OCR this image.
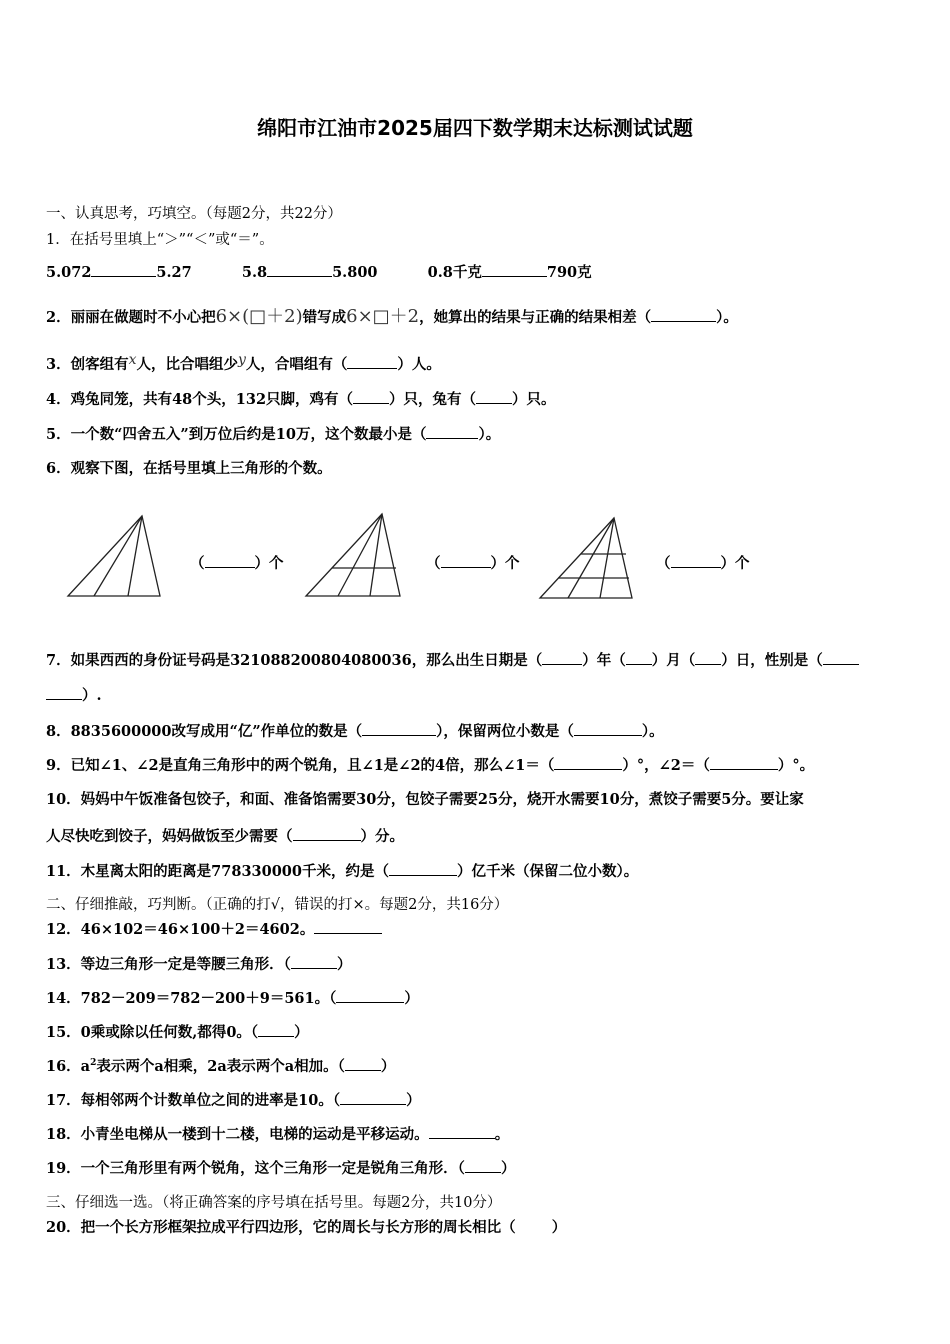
绵阳市江油市2025届四下数学期末达标测试试题
一、认真思考，巧填空。（每题2分，共22分）
1．在括号里填上“＞”“＜”或“＝”。
5.072	5.27	5.8	5.800	0.8千克	790克
2．丽丽在做题时不小心把6×(□＋2)错写成6×□＋2，她算出的结果与正确的结果相差（	）。
3．创客组有x人，比合唱组少y人，合唱组有（	）人。
4．鸡兔同笼，共有48个头，132只脚，鸡有（ ）只，兔有（ ）只。
5．一个数“四舍五入”到万位后约是10万，这个数最小是（	）。
6．观察下图，在括号里填上三角形的个数。
（	）个	（	）个	（	）个
7．如果西西的身份证号码是321088200804080036，那么出生日期是（	）年（ ）月（ ）日，性别是（
）.
8．8835600000改写成用“亿”作单位的数是（	），保留两位小数是（	）。
9．已知∠1、∠2是直角三角形中的两个锐角，且∠1是∠2的4倍，那么∠1＝（	）°，∠2＝（	）°。
10．妈妈中午饭准备包饺子，和面、准备馅需要30分，包饺子需要25分，烧开水需要10分，煮饺子需要5分。要让家
人尽快吃到饺子，妈妈做饭至少需要（	）分。
11．木星离太阳的距离是778330000千米，约是（	）亿千米（保留二位小数）。
二、仔细推敲，巧判断。（正确的打√，错误的打×。每题2分，共16分）
12．46×102＝46×100＋2＝4602。
13．等边三角形一定是等腰三角形．（	）
14．782－209＝782－200＋9＝561。（	）
15．0乘或除以任何数,都得0。（ ）
16．$a^2$表示两个a相乘，2a表示两个a相加。（ ）
17．每相邻两个计数单位之间的进率是10。（	）
18．小青坐电梯从一楼到十二楼，电梯的运动是平移运动。	。
19．一个三角形里有两个锐角，这个三角形一定是锐角三角形．（ ）
三、仔细选一选。（将正确答案的序号填在括号里。每题2分，共10分）
20．把一个长方形框架拉成平行四边形，它的周长与长方形的周长相比（ ）
